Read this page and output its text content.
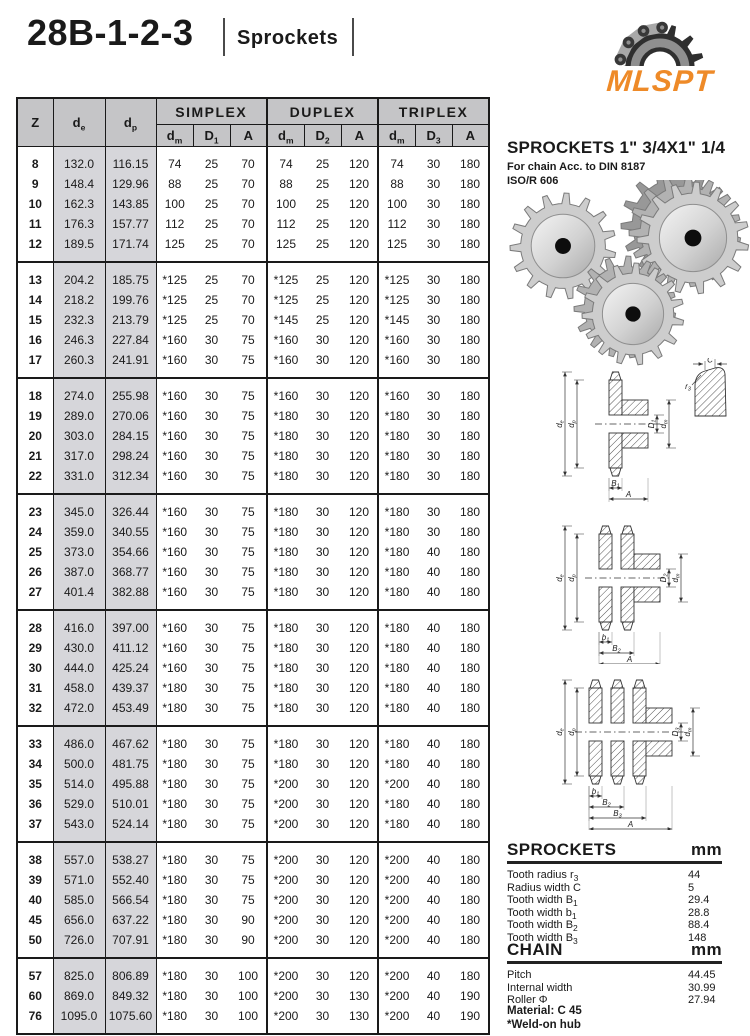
28B-1-2-3 Sprockets
MLSPT
Z	$d_e$	$d_p$	SIMPLEX			DUPLEX			TRIPLEX		
			$d_m$	$D_1$	A	$d_m$	$D_2$	A	$d_m$	$D_3$	A

8	132.0	116.15	74	25	70	74	25	120	74	30	180
9	148.4	129.96	88	25	70	88	25	120	88	30	180
10	162.3	143.85	100	25	70	100	25	120	100	30	180
11	176.3	157.77	112	25	70	112	25	120	112	30	180
12	189.5	171.74	125	25	70	125	25	120	125	30	180

13	204.2	185.75	*125	25	70	*125	25	120	*125	30	180
14	218.2	199.76	*125	25	70	*125	25	120	*125	30	180
15	232.3	213.79	*125	25	70	*145	25	120	*145	30	180
16	246.3	227.84	*160	30	75	*160	30	120	*160	30	180
17	260.3	241.91	*160	30	75	*160	30	120	*160	30	180

18	274.0	255.98	*160	30	75	*160	30	120	*160	30	180
19	289.0	270.06	*160	30	75	*180	30	120	*180	30	180
20	303.0	284.15	*160	30	75	*180	30	120	*180	30	180
21	317.0	298.24	*160	30	75	*180	30	120	*180	30	180
22	331.0	312.34	*160	30	75	*180	30	120	*180	30	180

23	345.0	326.44	*160	30	75	*180	30	120	*180	30	180
24	359.0	340.55	*160	30	75	*180	30	120	*180	30	180
25	373.0	354.66	*160	30	75	*180	30	120	*180	40	180
26	387.0	368.77	*160	30	75	*180	30	120	*180	40	180
27	401.4	382.88	*160	30	75	*180	30	120	*180	40	180

28	416.0	397.00	*160	30	75	*180	30	120	*180	40	180
29	430.0	411.12	*160	30	75	*180	30	120	*180	40	180
30	444.0	425.24	*160	30	75	*180	30	120	*180	40	180
31	458.0	439.37	*180	30	75	*180	30	120	*180	40	180
32	472.0	453.49	*180	30	75	*180	30	120	*180	40	180

33	486.0	467.62	*180	30	75	*180	30	120	*180	40	180
34	500.0	481.75	*180	30	75	*180	30	120	*180	40	180
35	514.0	495.88	*180	30	75	*200	30	120	*200	40	180
36	529.0	510.01	*180	30	75	*200	30	120	*180	40	180
37	543.0	524.14	*180	30	75	*200	30	120	*180	40	180

38	557.0	538.27	*180	30	75	*200	30	120	*200	40	180
39	571.0	552.40	*180	30	75	*200	30	120	*200	40	180
40	585.0	566.54	*180	30	75	*200	30	120	*200	40	180
45	656.0	637.22	*180	30	90	*200	30	120	*200	40	180
50	726.0	707.91	*180	30	90	*200	30	120	*200	40	180

57	825.0	806.89	*180	30	100	*200	30	120	*200	40	180
60	869.0	849.32	*180	30	100	*200	30	130	*200	40	190
76	1095.0	1075.60	*180	30	100	*200	30	130	*200	40	190

SPROCKETS 1" 3/4X1" 1/4
For chain Acc. to DIN 8187
ISO/R 606
de
dp
D1
dm
B1
A
C
r3
de
dp
D2
dm
b1
B2
A
de
dp
D3
dm
b1
B2
B3
A
SPROCKETS	mm
Tooth radius $r_3$	44
Radius width C	5
Tooth width $B_1$	29.4
Tooth width $b_1$	28.8
Tooth width $B_2$	88.4
Tooth width $B_3$	148
CHAIN	mm
Pitch	44.45
Internal width	30.99
Roller Φ	27.94
Material: C 45
*Weld-on hub
